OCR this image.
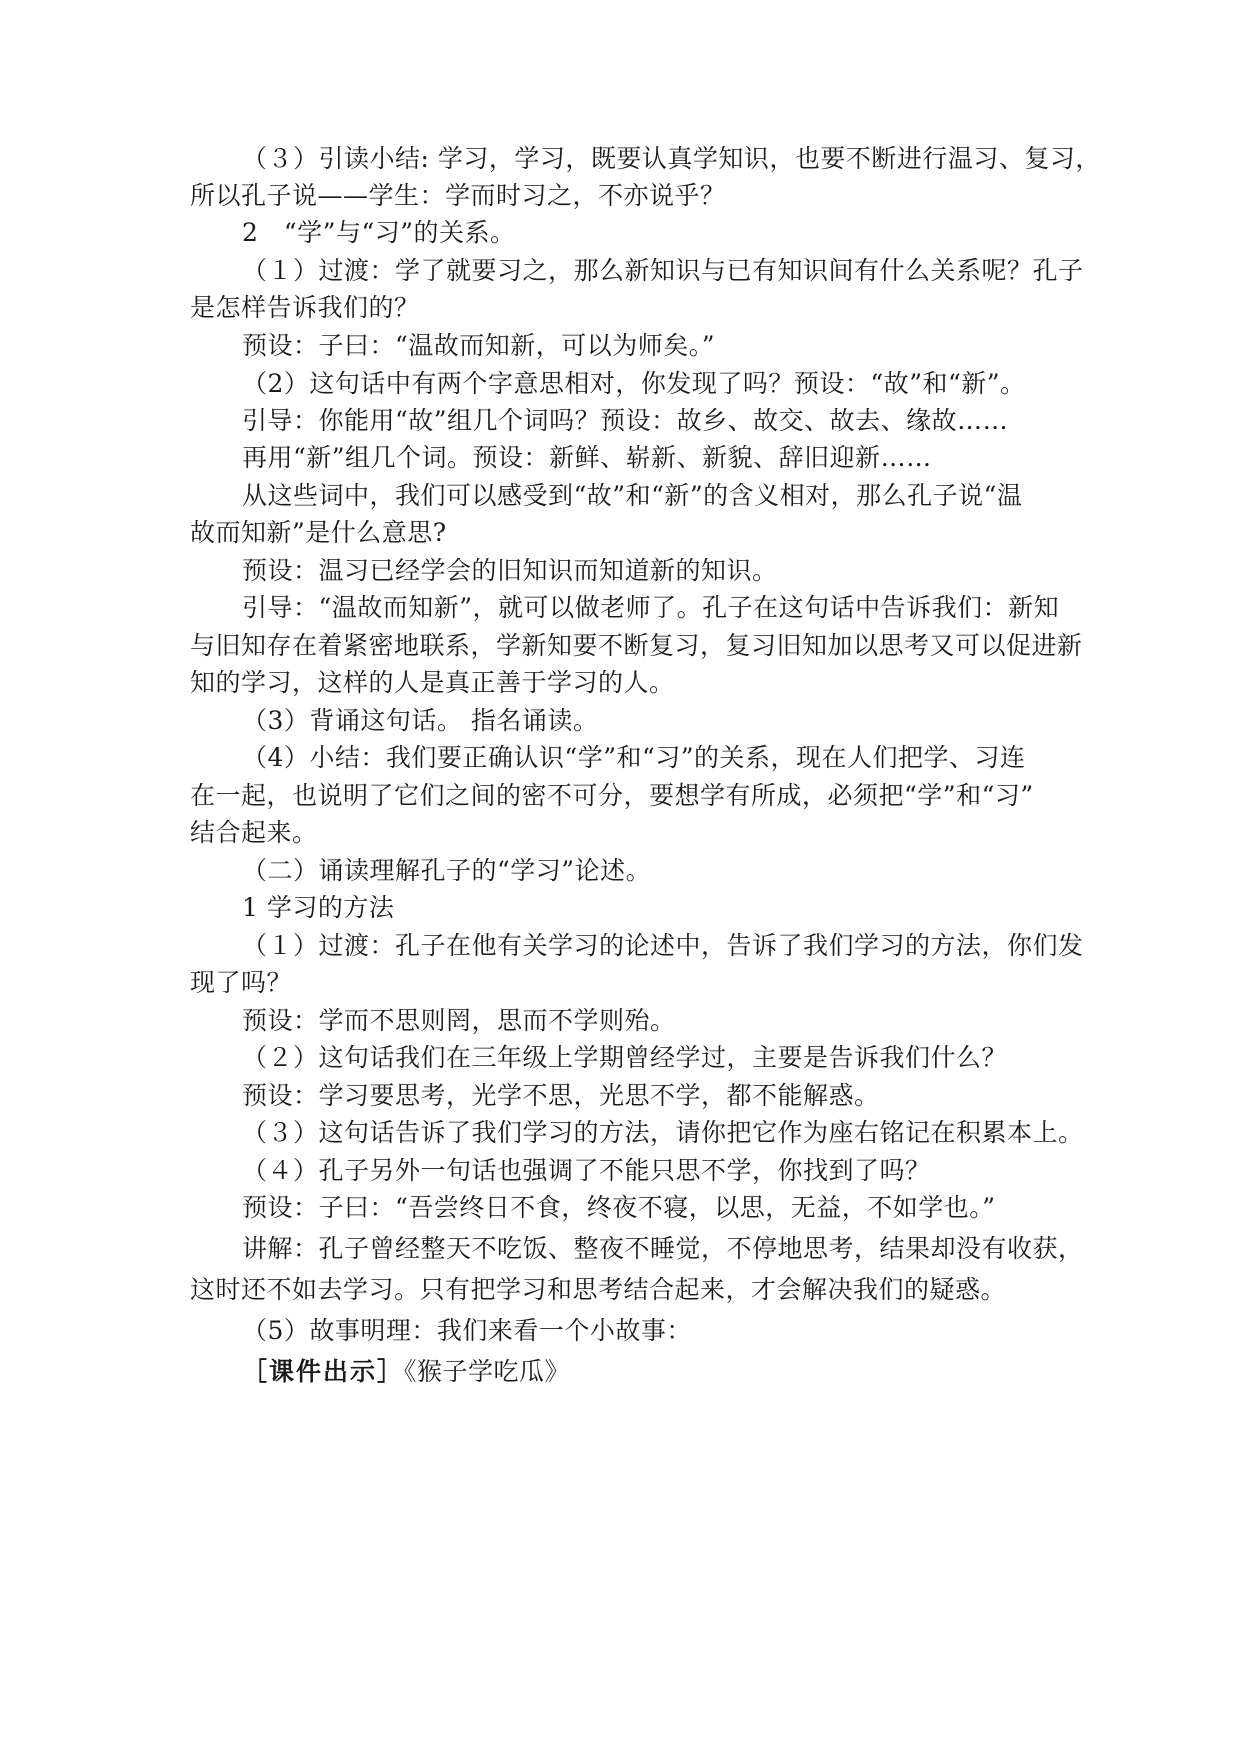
（３）引读小结: 学习，学习，既要认真学知识，也要不断进行温习、复习，
所以孔子说——学生：学而时习之，不亦说乎？
2　“学”与“习”的关系。
（１）过渡：学了就要习之，那么新知识与已有知识间有什么关系呢？孔子
是怎样告诉我们的？
预设：子曰：“温故而知新，可以为师矣。”
（2）这句话中有两个字意思相对，你发现了吗？预设：“故”和“新”。
引导：你能用“故”组几个词吗？预设：故乡、故交、故去、缘故……
再用“新”组几个词。预设：新鲜、崭新、新貌、辞旧迎新……
从这些词中，我们可以感受到“故”和“新”的含义相对，那么孔子说“温
故而知新”是什么意思?
预设：温习已经学会的旧知识而知道新的知识。
引导：“温故而知新”，就可以做老师了。孔子在这句话中告诉我们：新知
与旧知存在着紧密地联系，学新知要不断复习，复习旧知加以思考又可以促进新
知的学习，这样的人是真正善于学习的人。
（3）背诵这句话。 指名诵读。
（4）小结：我们要正确认识“学”和“习”的关系，现在人们把学、习连
在一起，也说明了它们之间的密不可分，要想学有所成，必须把“学”和“习”
结合起来。
（二）诵读理解孔子的“学习”论述。
1 学习的方法
（１）过渡：孔子在他有关学习的论述中，告诉了我们学习的方法，你们发
现了吗？
预设：学而不思则罔，思而不学则殆。
（２）这句话我们在三年级上学期曾经学过，主要是告诉我们什么？
预设：学习要思考，光学不思，光思不学，都不能解惑。
（３）这句话告诉了我们学习的方法，请你把它作为座右铭记在积累本上。
（４）孔子另外一句话也强调了不能只思不学，你找到了吗？
预设：子曰：“吾尝终日不食，终夜不寝，以思，无益，不如学也。”
讲解：孔子曾经整天不吃饭、整夜不睡觉，不停地思考，结果却没有收获，
这时还不如去学习。只有把学习和思考结合起来，才会解决我们的疑惑。
（5）故事明理：我们来看一个小故事：
［课件出示］《猴子学吃瓜》
